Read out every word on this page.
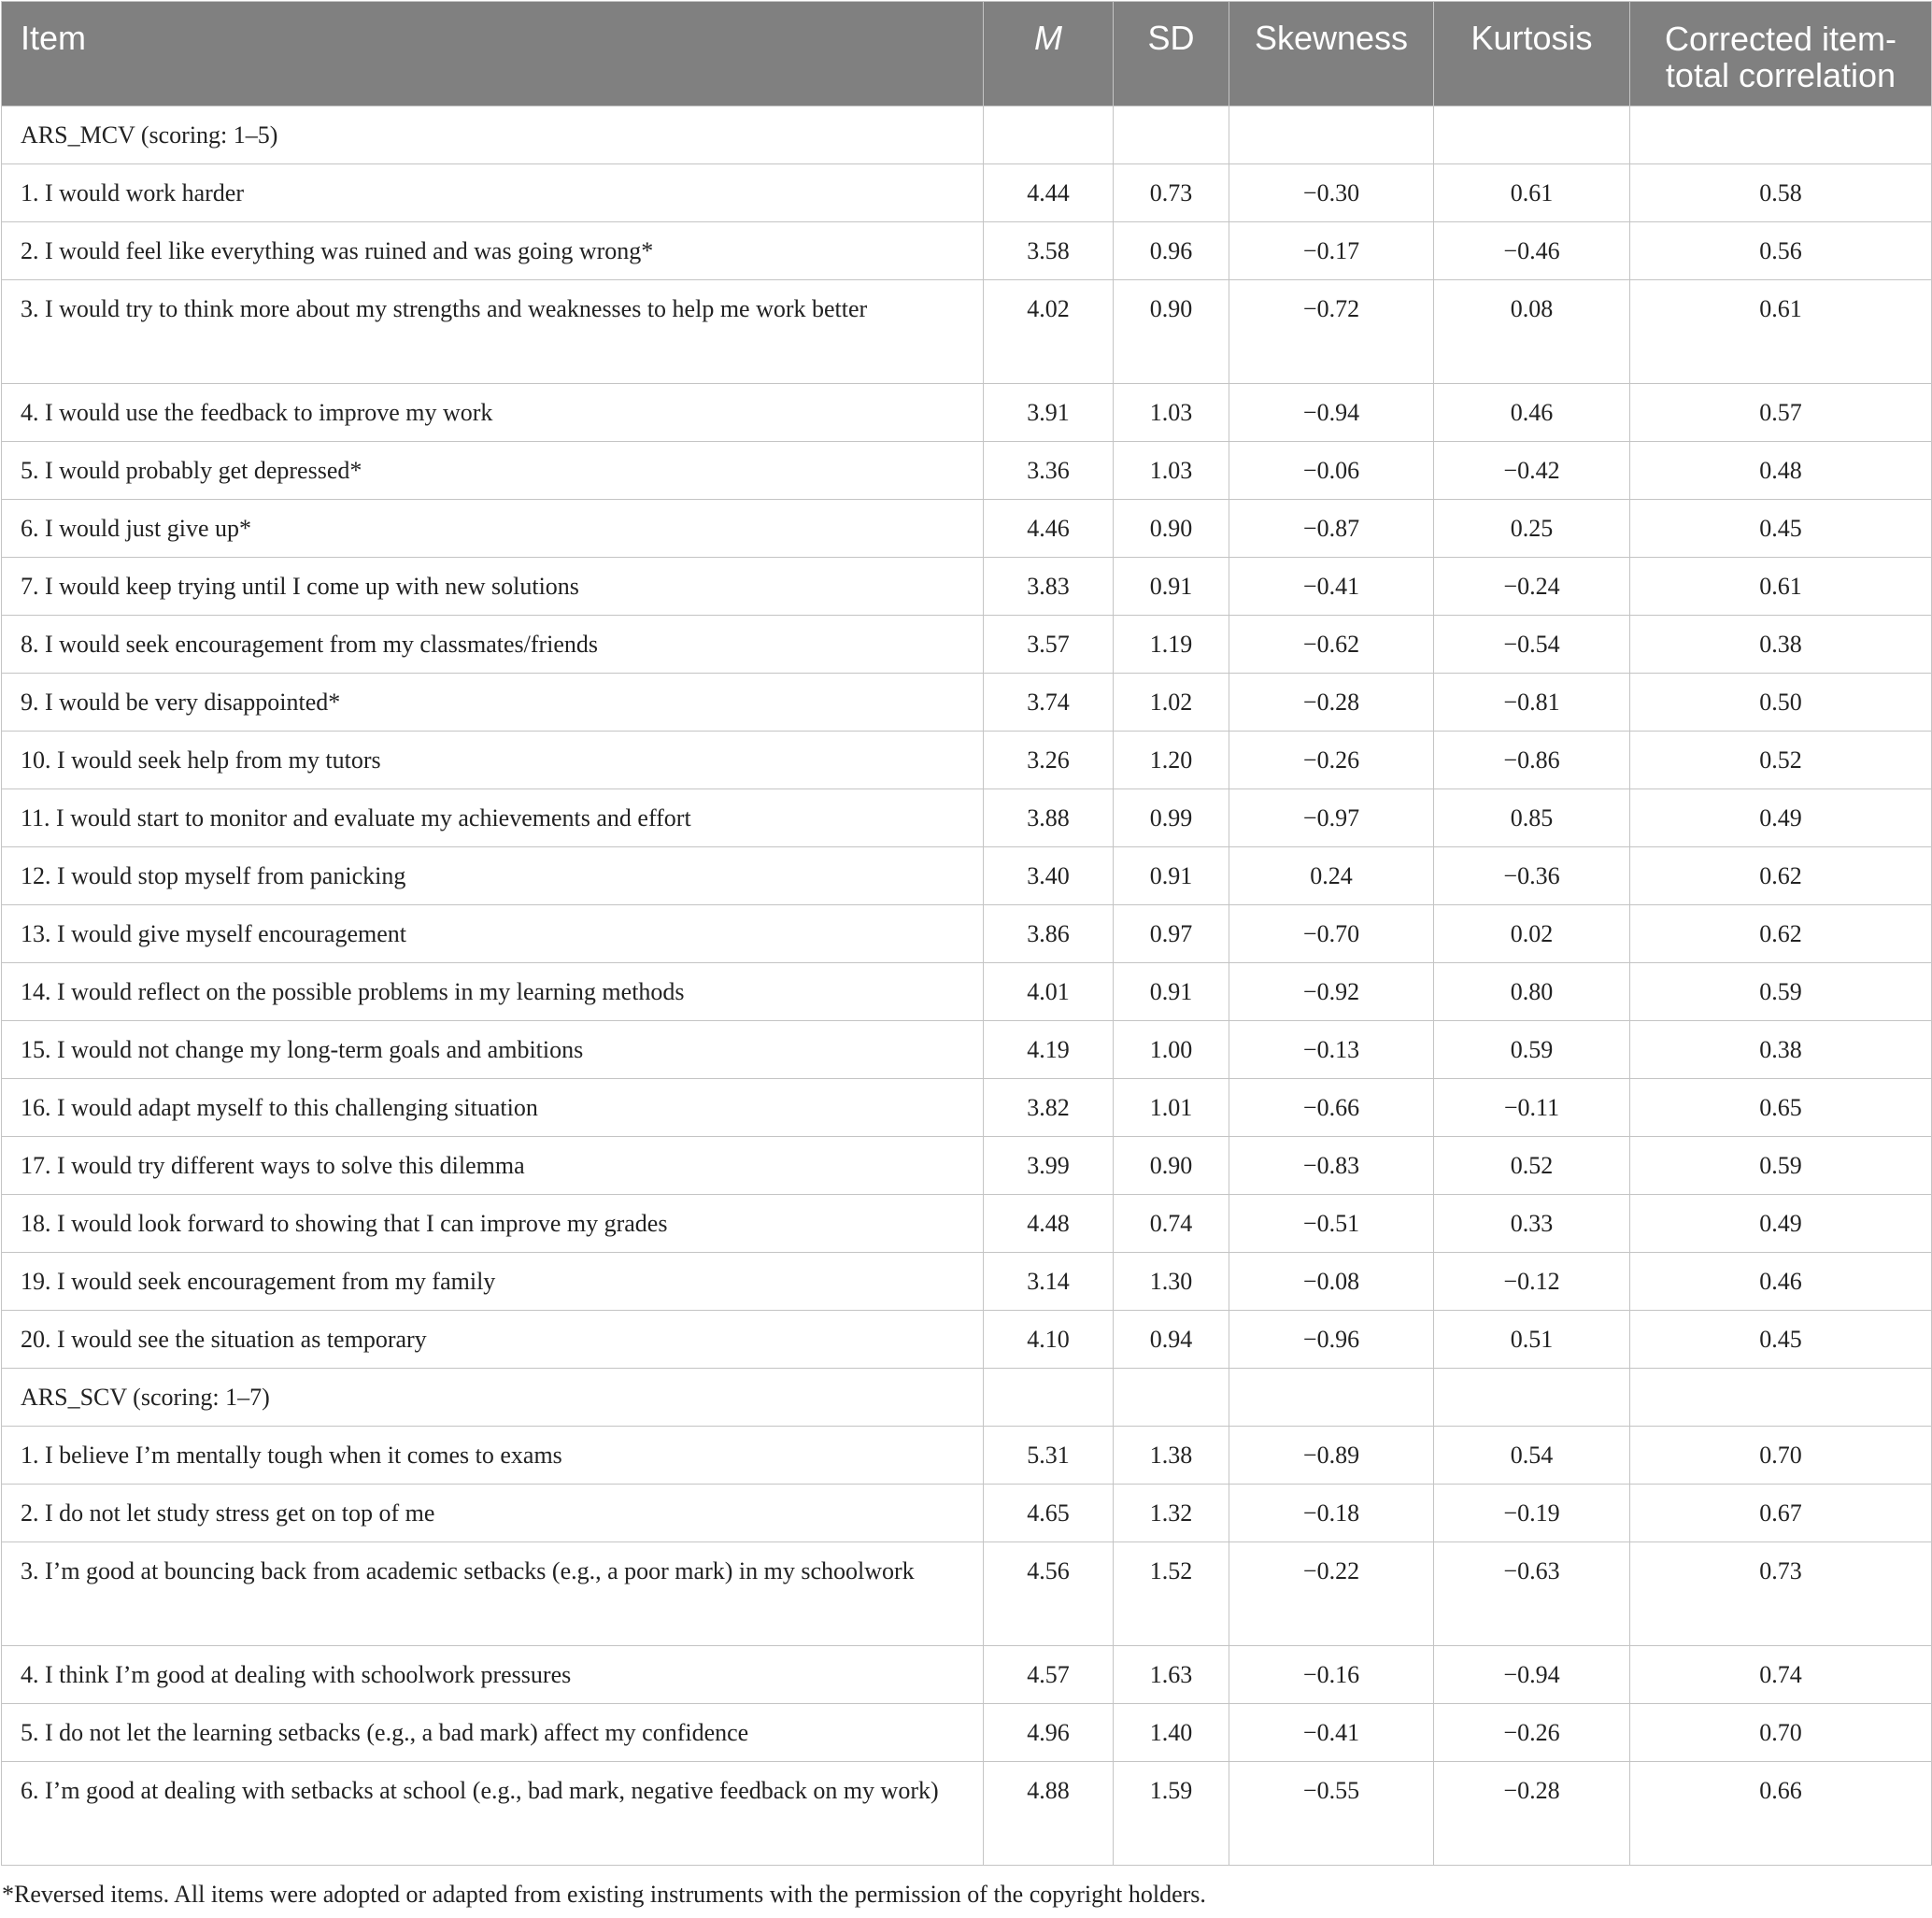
Item	M	SD	Skewness	Kurtosis	Corrected item-total correlation
ARS_MCV (scoring: 1–5)					
1. I would work harder	4.44	0.73	−0.30	0.61	0.58
2. I would feel like everything was ruined and was going wrong*	3.58	0.96	−0.17	−0.46	0.56
3. I would try to think more about my strengths and weaknesses to help me work better	4.02	0.90	−0.72	0.08	0.61
4. I would use the feedback to improve my work	3.91	1.03	−0.94	0.46	0.57
5. I would probably get depressed*	3.36	1.03	−0.06	−0.42	0.48
6. I would just give up*	4.46	0.90	−0.87	0.25	0.45
7. I would keep trying until I come up with new solutions	3.83	0.91	−0.41	−0.24	0.61
8. I would seek encouragement from my classmates/friends	3.57	1.19	−0.62	−0.54	0.38
9. I would be very disappointed*	3.74	1.02	−0.28	−0.81	0.50
10. I would seek help from my tutors	3.26	1.20	−0.26	−0.86	0.52
11. I would start to monitor and evaluate my achievements and effort	3.88	0.99	−0.97	0.85	0.49
12. I would stop myself from panicking	3.40	0.91	0.24	−0.36	0.62
13. I would give myself encouragement	3.86	0.97	−0.70	0.02	0.62
14. I would reflect on the possible problems in my learning methods	4.01	0.91	−0.92	0.80	0.59
15. I would not change my long-term goals and ambitions	4.19	1.00	−0.13	0.59	0.38
16. I would adapt myself to this challenging situation	3.82	1.01	−0.66	−0.11	0.65
17. I would try different ways to solve this dilemma	3.99	0.90	−0.83	0.52	0.59
18. I would look forward to showing that I can improve my grades	4.48	0.74	−0.51	0.33	0.49
19. I would seek encouragement from my family	3.14	1.30	−0.08	−0.12	0.46
20. I would see the situation as temporary	4.10	0.94	−0.96	0.51	0.45
ARS_SCV (scoring: 1–7)					
1. I believe I’m mentally tough when it comes to exams	5.31	1.38	−0.89	0.54	0.70
2. I do not let study stress get on top of me	4.65	1.32	−0.18	−0.19	0.67
3. I’m good at bouncing back from academic setbacks (e.g., a poor mark) in my schoolwork	4.56	1.52	−0.22	−0.63	0.73
4. I think I’m good at dealing with schoolwork pressures	4.57	1.63	−0.16	−0.94	0.74
5. I do not let the learning setbacks (e.g., a bad mark) affect my confidence	4.96	1.40	−0.41	−0.26	0.70
6. I’m good at dealing with setbacks at school (e.g., bad mark, negative feedback on my work)	4.88	1.59	−0.55	−0.28	0.66
*Reversed items. All items were adopted or adapted from existing instruments with the permission of the copyright holders.
